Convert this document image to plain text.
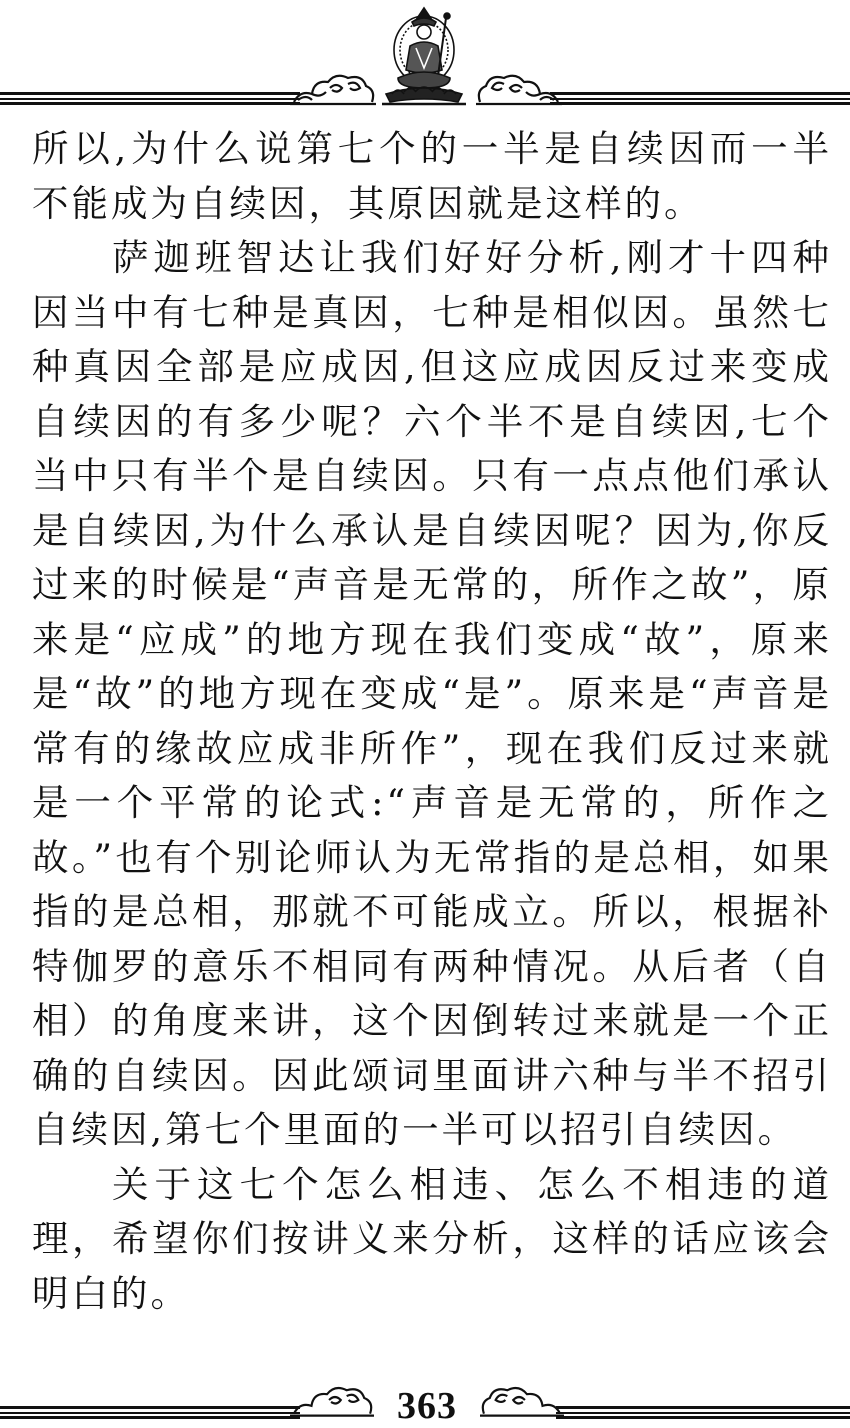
所以,为什么说第七个的一半是自续因而一半不能成为自续因，其原因就是这样的。

萨迦班智达让我们好好分析,刚才十四种因当中有七种是真因，七种是相似因。虽然七种真因全部是应成因,但这应成因反过来变成自续因的有多少呢？六个半不是自续因,七个当中只有半个是自续因。只有一点点他们承认是自续因,为什么承认是自续因呢？因为,你反过来的时候是“声音是无常的，所作之故”，原来是“应成”的地方现在我们变成“故”，原来是“故”的地方现在变成“是”。原来是“声音是常有的缘故应成非所作”，现在我们反过来就是一个平常的论式:“声音是无常的，所作之故。”也有个别论师认为无常指的是总相，如果指的是总相，那就不可能成立。所以，根据补特伽罗的意乐不相同有两种情况。从后者（自相）的角度来讲，这个因倒转过来就是一个正确的自续因。因此颂词里面讲六种与半不招引自续因,第七个里面的一半可以招引自续因。

关于这七个怎么相违、怎么不相违的道理，希望你们按讲义来分析，这样的话应该会明白的。

363
